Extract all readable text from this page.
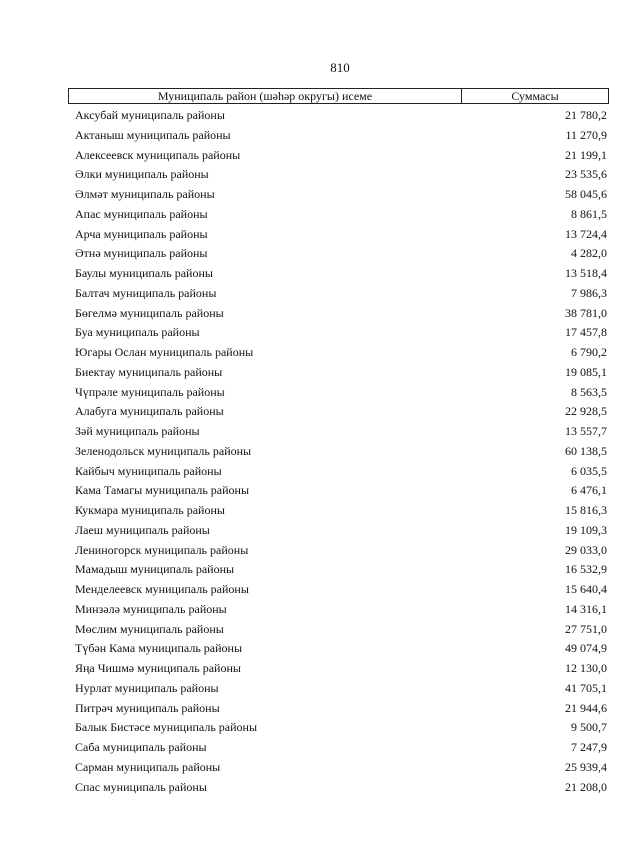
810
Муниципаль район (шәһәр округы) исеме	Суммасы
Аксубай муниципаль районы	21 780,2
Актаныш муниципаль районы	11 270,9
Алексеевск муниципаль районы	21 199,1
Әлки муниципаль районы	23 535,6
Әлмәт муниципаль районы	58 045,6
Апас муниципаль районы	8 861,5
Арча муниципаль районы	13 724,4
Әтнә муниципаль районы	4 282,0
Баулы муниципаль районы	13 518,4
Балтач муниципаль районы	7 986,3
Бөгелмә муниципаль районы	38 781,0
Буа муниципаль районы	17 457,8
Югары Ослан муниципаль районы	6 790,2
Биектау муниципаль районы	19 085,1
Чүпрәле муниципаль районы	8 563,5
Алабуга муниципаль районы	22 928,5
Зәй муниципаль районы	13 557,7
Зеленодольск муниципаль районы	60 138,5
Кайбыч муниципаль районы	6 035,5
Кама Тамагы муниципаль районы	6 476,1
Кукмара муниципаль районы	15 816,3
Лаеш муниципаль районы	19 109,3
Лениногорск муниципаль районы	29 033,0
Мамадыш муниципаль районы	16 532,9
Менделеевск муниципаль районы	15 640,4
Минзәлә муниципаль районы	14 316,1
Мөслим муниципаль районы	27 751,0
Түбән Кама муниципаль районы	49 074,9
Яңа Чишмә муниципаль районы	12 130,0
Нурлат муниципаль районы	41 705,1
Питрәч муниципаль районы	21 944,6
Балык Бистәсе муниципаль районы	9 500,7
Саба муниципаль районы	7 247,9
Сарман муниципаль районы	25 939,4
Спас муниципаль районы	21 208,0
